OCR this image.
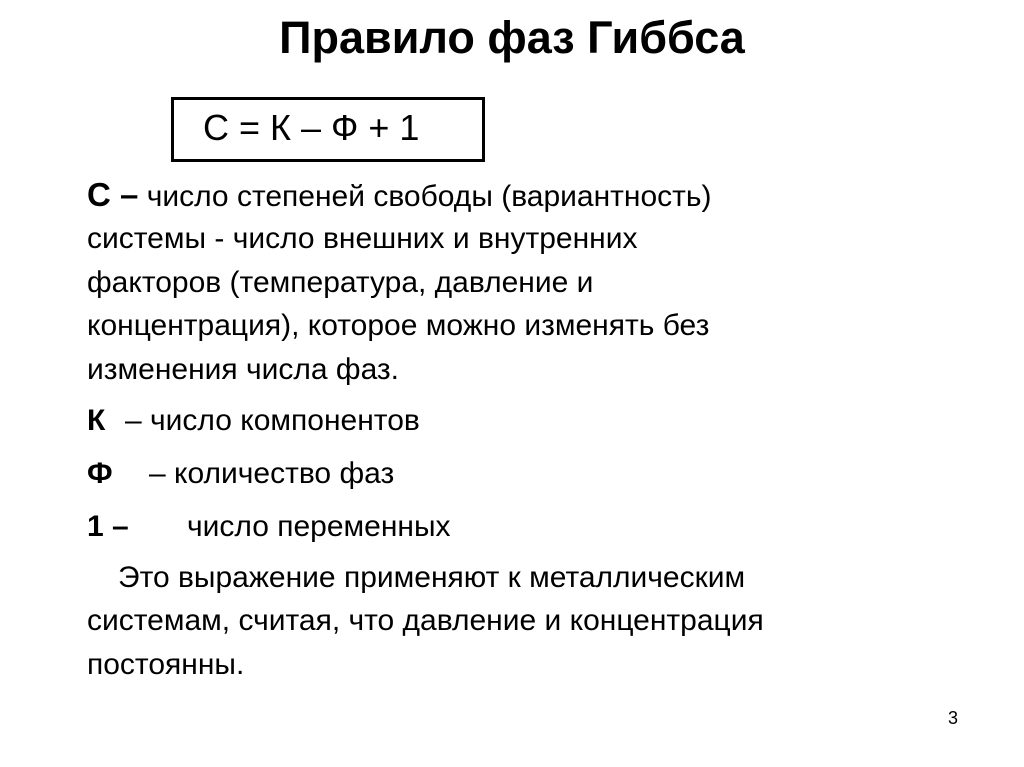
Правило фаз Гиббса
С = К – Ф + 1
С – число степеней свободы (вариантность)
системы - число внешних и внутренних
факторов (температура, давление и
концентрация), которое можно изменять без
изменения числа фаз.
К – число компонентов
Ф – количество фаз
1 – число переменных
Это выражение применяют к металлическим
системам, считая, что давление и концентрация
постоянны.
3
